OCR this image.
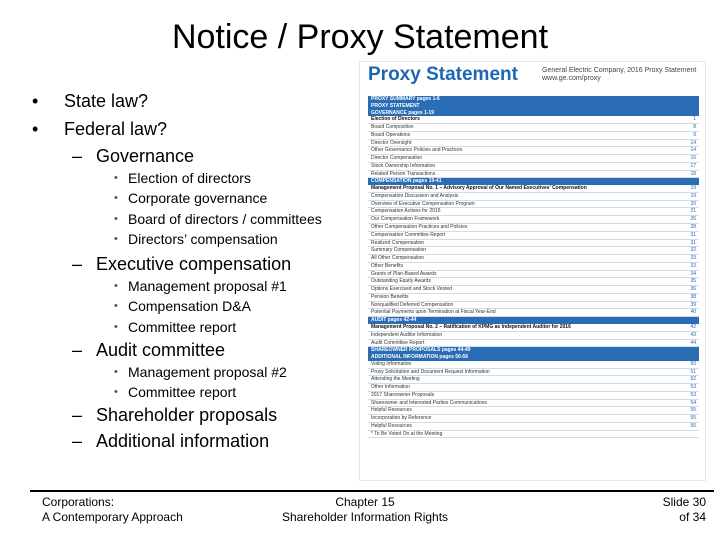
Notice / Proxy Statement
• State law?
• Federal law?
– Governance
• Election of directors
• Corporate governance
• Board of directors / committees
• Directors’ compensation
– Executive compensation
• Management proposal #1
• Compensation D&A
• Committee report
– Audit committee
• Management proposal #2
• Committee report
– Shareholder proposals
– Additional information
Proxy Statement	General Electric Company, 2016 Proxy Statement
www.ge.com/proxy
PROXY SUMMARY pages 1-6
PROXY STATEMENT
GOVERNANCE pages 1-19
Election of Directors	1
Board Composition	8
Board Operations	9
Director Oversight	14
Other Governance Policies and Practices	14
Director Compensation	16
Stock Ownership Information	17
Related Person Transactions	18
COMPENSATION pages 19-41
Management Proposal No. 1 – Advisory Approval of Our Named Executives’ Compensation	19
Compensation Discussion and Analysis	19
Overview of Executive Compensation Program	20
Compensation Actions for 2015	21
Our Compensation Framework	26
Other Compensation Practices and Policies	28
Compensation Committee Report	31
Realized Compensation	31
Summary Compensation	32
All Other Compensation	33
Other Benefits	33
Grants of Plan-Based Awards	34
Outstanding Equity Awards	35
Options Exercised and Stock Vested	36
Pension Benefits	38
Nonqualified Deferred Compensation	39
Potential Payments upon Termination at Fiscal Year-End	40
AUDIT pages 42-44
Management Proposal No. 2 – Ratification of KPMG as Independent Auditor for 2016	42
Independent Auditor Information	43
Audit Committee Report	44
SHAREOWNER PROPOSALS pages 44-49
ADDITIONAL INFORMATION pages 50-56
Voting Information	50
Proxy Solicitation and Document Request Information	51
Attending the Meeting	52
Other Information	53
2017 Shareowner Proposals	53
Shareowner and Interested Parties Communications	54
Helpful Resources	55
Incorporation by Reference	55
Helpful Resources	56
* To Be Voted On at the Meeting
Corporations:
A Contemporary Approach
Chapter 15
Shareholder Information Rights
Slide 30
of 34
